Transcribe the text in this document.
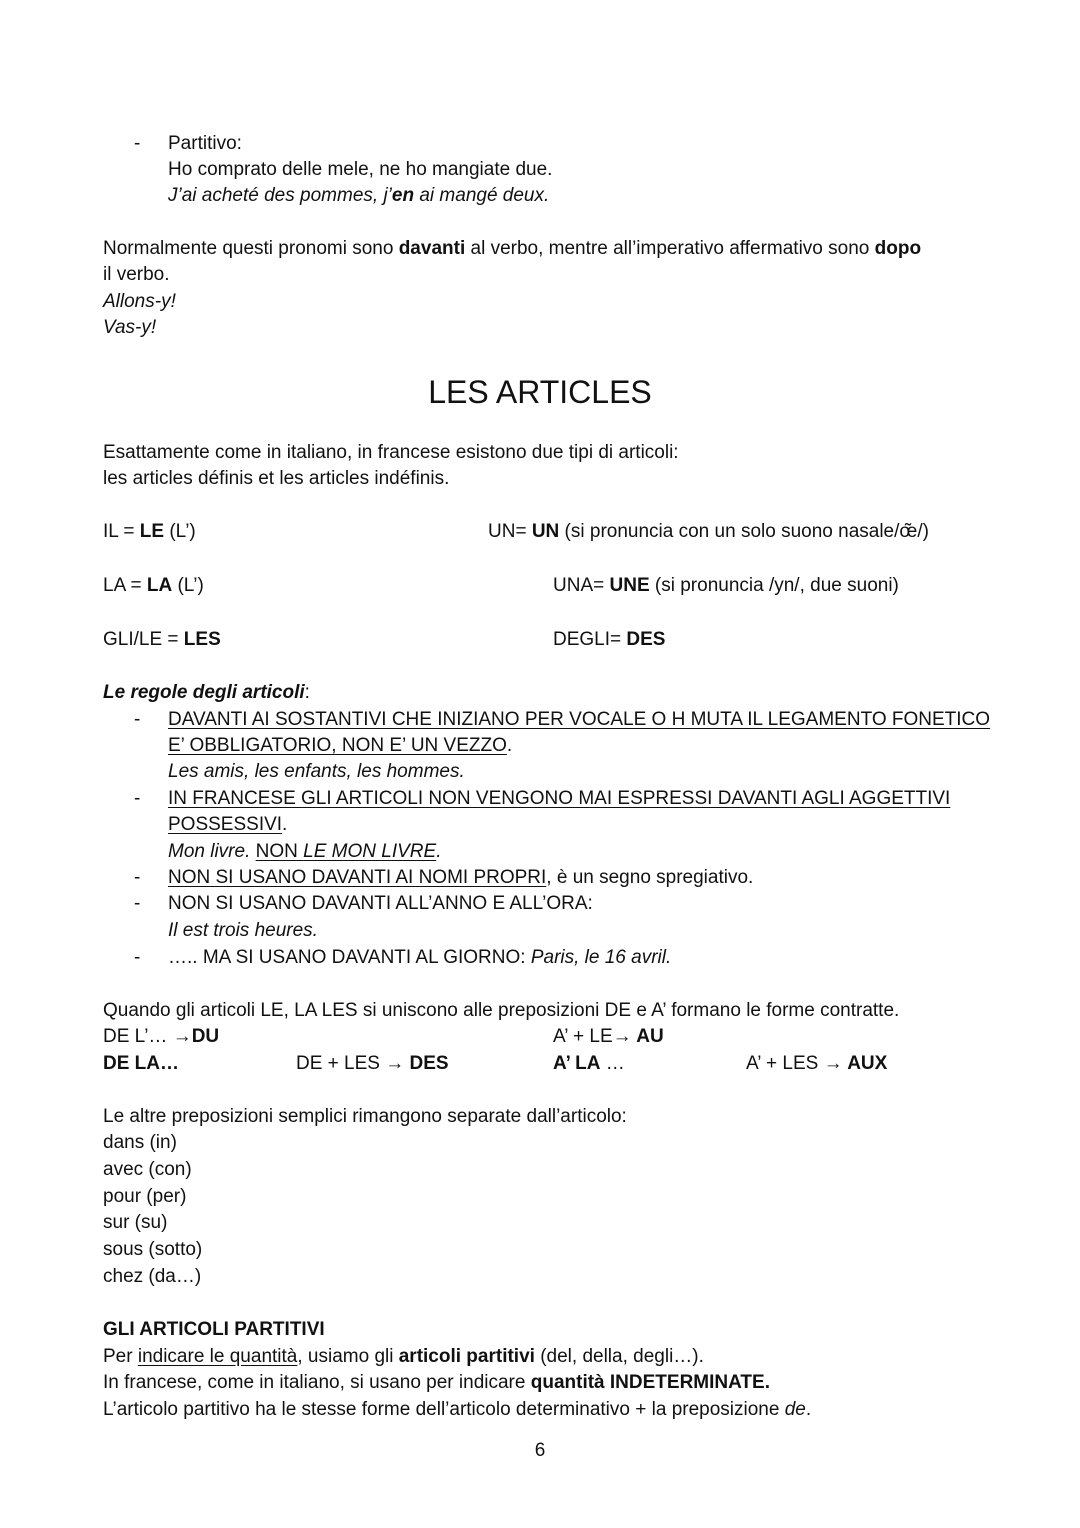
- Partitivo:
Ho comprato delle mele, ne ho mangiate due.
J’ai acheté des pommes, j’en ai mangé deux.
Normalmente questi pronomi sono davanti al verbo, mentre all’imperativo affermativo sono dopo
il verbo.
Allons-y!
Vas-y!
LES ARTICLES
Esattamente come in italiano, in francese esistono due tipi di articoli:
les articles définis et les articles indéfinis.
IL = LE (L’)	UN= UN (si pronuncia con un solo suono nasale/œ̃/)
LA = LA (L’)	UNA= UNE (si pronuncia /yn/, due suoni)
GLI/LE = LES	DEGLI= DES
Le regole degli articoli:
- DAVANTI AI SOSTANTIVI CHE INIZIANO PER VOCALE O H MUTA IL LEGAMENTO FONETICO
E’ OBBLIGATORIO, NON E’ UN VEZZO.
Les amis, les enfants, les hommes.
- IN FRANCESE GLI ARTICOLI NON VENGONO MAI ESPRESSI DAVANTI AGLI AGGETTIVI
POSSESSIVI.
Mon livre. NON LE MON LIVRE.
- NON SI USANO DAVANTI AI NOMI PROPRI, è un segno spregiativo.
- NON SI USANO DAVANTI ALL’ANNO E ALL’ORA:
Il est trois heures.
- ….. MA SI USANO DAVANTI AL GIORNO: Paris, le 16 avril.
Quando gli articoli LE, LA LES si uniscono alle preposizioni DE e A’ formano le forme contratte.
DE L’… →DU	A’ + LE→ AU
DE LA…	DE + LES → DES	A’ LA …	A’ + LES → AUX
Le altre preposizioni semplici rimangono separate dall’articolo:
dans (in)
avec (con)
pour (per)
sur (su)
sous (sotto)
chez (da…)
GLI ARTICOLI PARTITIVI
Per indicare le quantità, usiamo gli articoli partitivi (del, della, degli…).
In francese, come in italiano, si usano per indicare quantità INDETERMINATE.
L’articolo partitivo ha le stesse forme dell’articolo determinativo + la preposizione de.
6
